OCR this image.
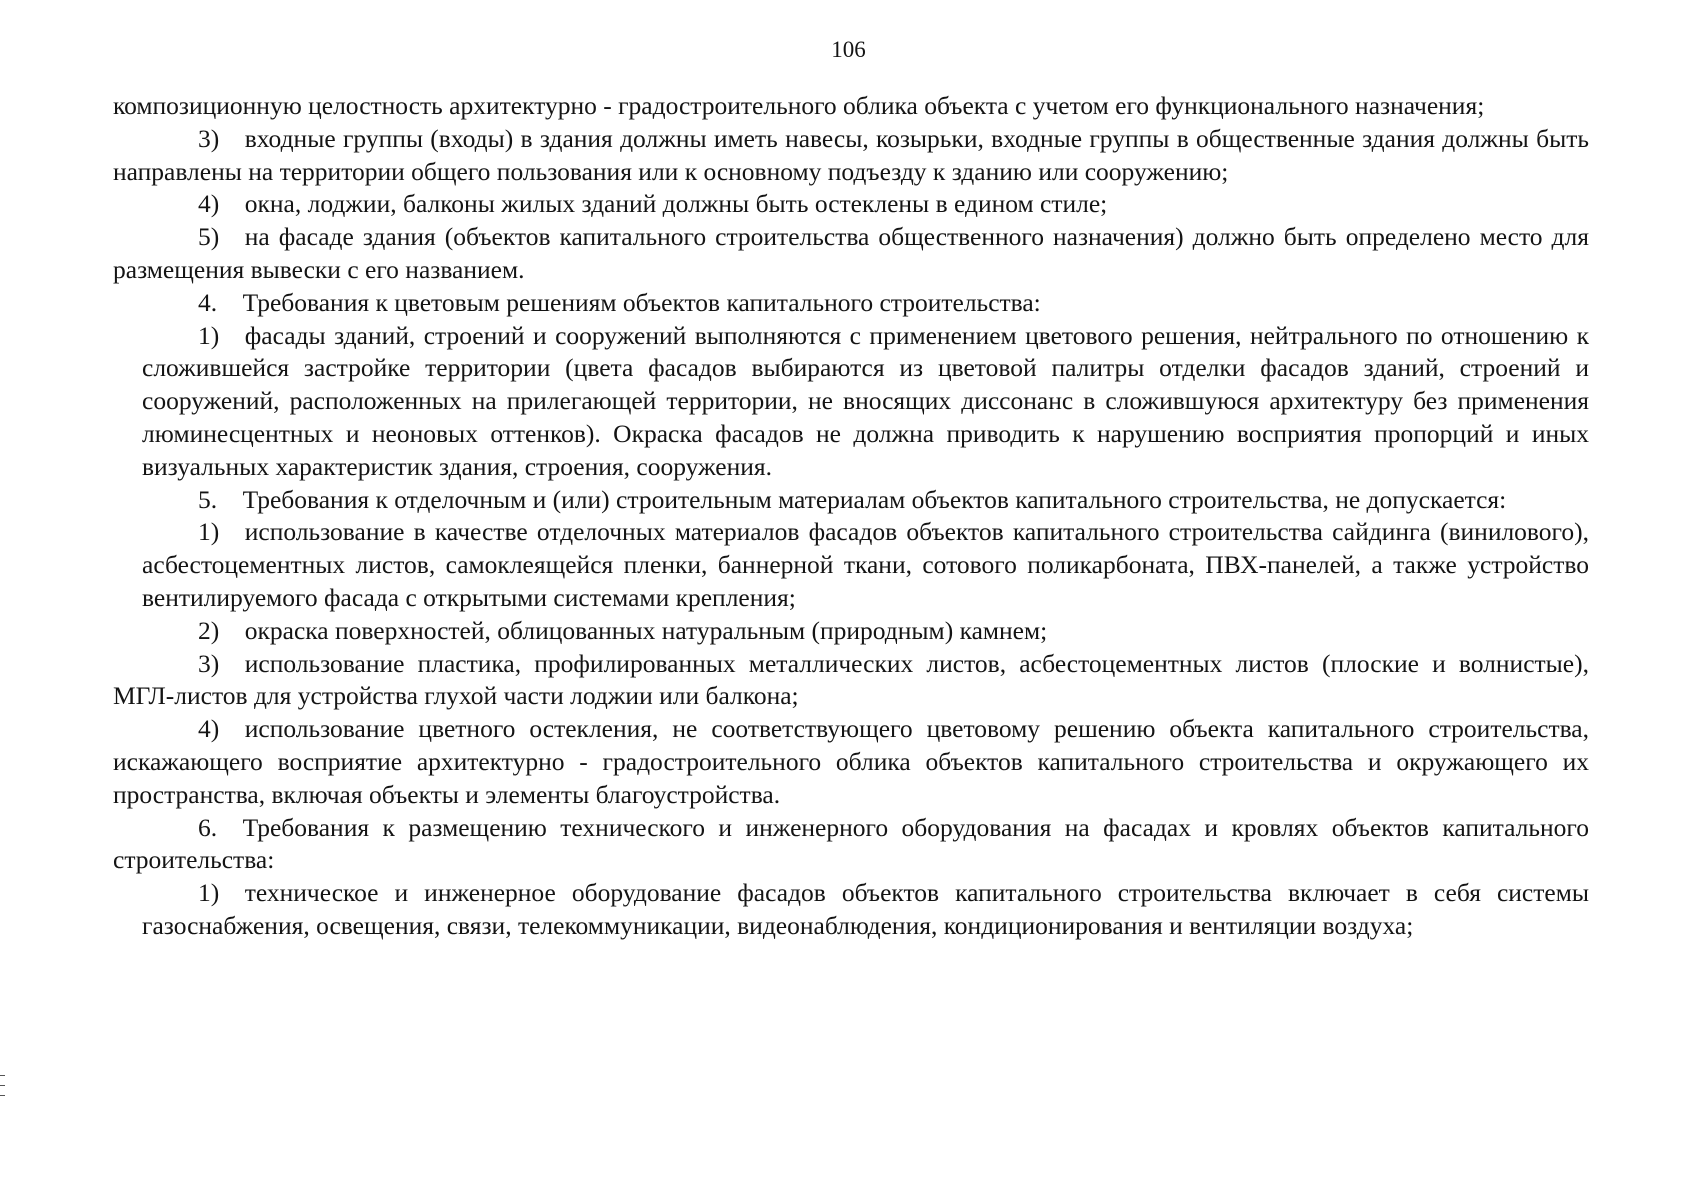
106

композиционную целостность архитектурно - градостроительного облика объекта с учетом его функционального назначения;

3) входные группы (входы) в здания должны иметь навесы, козырьки, входные группы в общественные здания должны быть направлены на территории общего пользования или к основному подъезду к зданию или сооружению;

4) окна, лоджии, балконы жилых зданий должны быть остеклены в едином стиле;

5) на фасаде здания (объектов капитального строительства общественного назначения) должно быть определено место для размещения вывески с его названием.

4. Требования к цветовым решениям объектов капитального строительства:

1) фасады зданий, строений и сооружений выполняются с применением цветового решения, нейтрального по отношению к сложившейся застройке территории (цвета фасадов выбираются из цветовой палитры отделки фасадов зданий, строений и сооружений, расположенных на прилегающей территории, не вносящих диссонанс в сложившуюся архитектуру без применения люминесцентных и неоновых оттенков). Окраска фасадов не должна приводить к нарушению восприятия пропорций и иных визуальных характеристик здания, строения, сооружения.

5. Требования к отделочным и (или) строительным материалам объектов капитального строительства, не допускается:

1) использование в качестве отделочных материалов фасадов объектов капитального строительства сайдинга (винилового), асбестоцементных листов, самоклеящейся пленки, баннерной ткани, сотового поликарбоната, ПВХ-панелей, а также устройство вентилируемого фасада с открытыми системами крепления;

2) окраска поверхностей, облицованных натуральным (природным) камнем;

3) использование пластика, профилированных металлических листов, асбестоцементных листов (плоские и волнистые), МГЛ-листов для устройства глухой части лоджии или балкона;

4) использование цветного остекления, не соответствующего цветовому решению объекта капитального строительства, искажающего восприятие архитектурно - градостроительного облика объектов капитального строительства и окружающего их пространства, включая объекты и элементы благоустройства.

6. Требования к размещению технического и инженерного оборудования на фасадах и кровлях объектов капитального строительства:

1) техническое и инженерное оборудование фасадов объектов капитального строительства включает в себя системы газоснабжения, освещения, связи, телекоммуникации, видеонаблюдения, кондиционирования и вентиляции воздуха;
